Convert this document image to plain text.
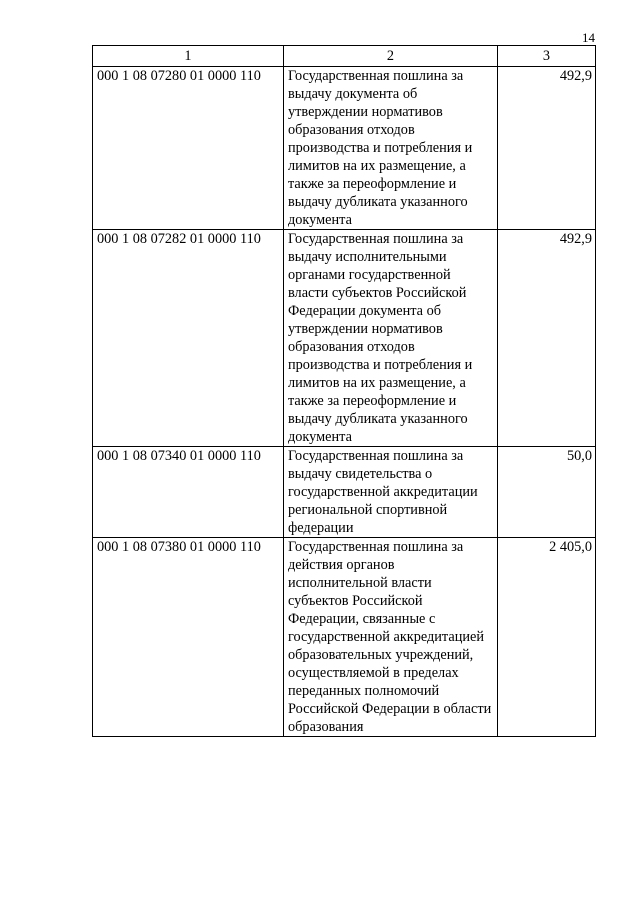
14
1	2	3
000 1 08 07280 01 0000 110	Государственная пошлина за выдачу документа об утверждении нормативов образования отходов производства и потребления и лимитов на их размещение, а также за переоформление и выдачу дубликата указанного документа	492,9
000 1 08 07282 01 0000 110	Государственная пошлина за выдачу исполнительными органами государственной власти субъектов Российской Федерации документа об утверждении нормативов образования отходов производства и потребления и лимитов на их размещение, а также за переоформление и выдачу дубликата указанного документа	492,9
000 1 08 07340 01 0000 110	Государственная пошлина за выдачу свидетельства о государственной аккредитации региональной спортивной федерации	50,0
000 1 08 07380 01 0000 110	Государственная пошлина за действия органов исполнительной власти субъектов Российской Федерации, связанные с государственной аккредитацией образовательных учреждений, осуществляемой в пределах переданных полномочий Российской Федерации в области образования	2 405,0
